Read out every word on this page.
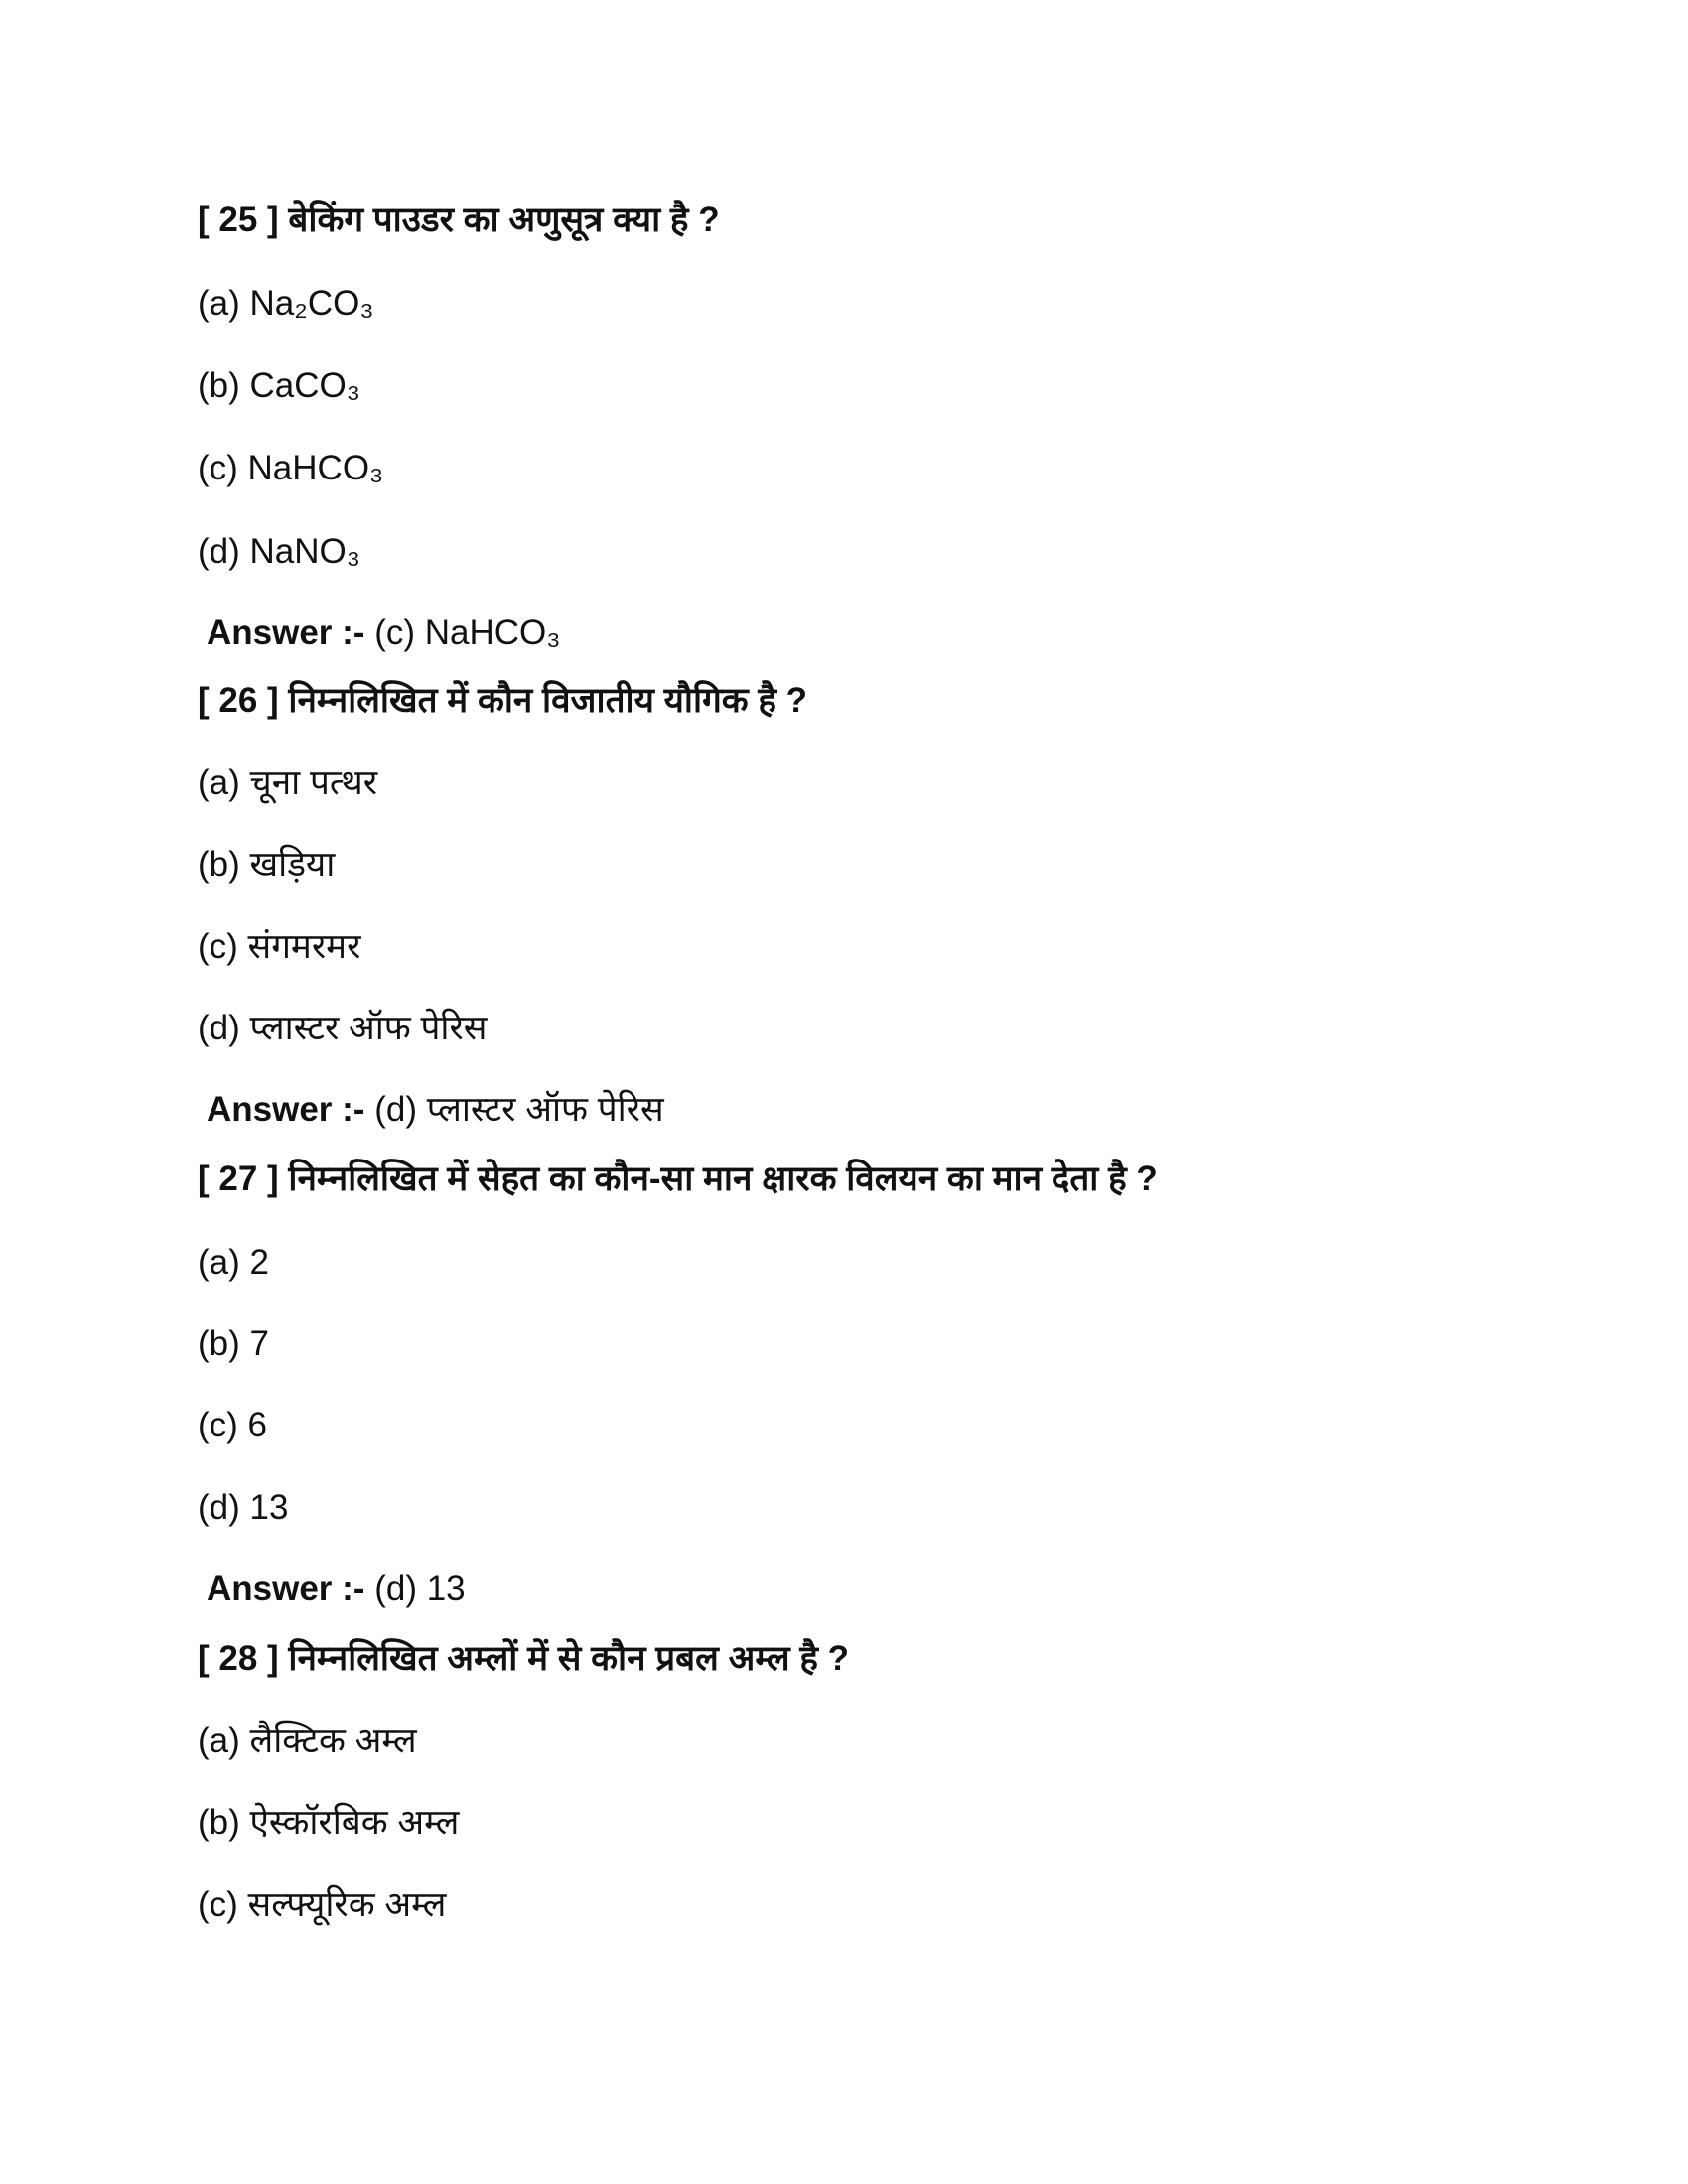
[ 25 ] बेकिंग पाउडर का अणुसूत्र क्या है ?
(a) Na₂CO₃
(b) CaCO₃
(c) NaHCO₃
(d) NaNO₃
Answer :- (c) NaHCO₃
[ 26 ] निम्नलिखित में कौन विजातीय यौगिक है ?
(a) चूना पत्थर
(b) खड़िया
(c) संगमरमर
(d) प्लास्टर ऑफ पेरिस
Answer :- (d) प्लास्टर ऑफ पेरिस
[ 27 ] निम्नलिखित में सेहत का कौन-सा मान क्षारक विलयन का मान देता है ?
(a) 2
(b) 7
(c) 6
(d) 13
Answer :- (d) 13
[ 28 ] निम्नलिखित अम्लों में से कौन प्रबल अम्ल है ?
(a) लैक्टिक अम्ल
(b) ऐस्कॉरबिक अम्ल
(c) सल्फ्यूरिक अम्ल
